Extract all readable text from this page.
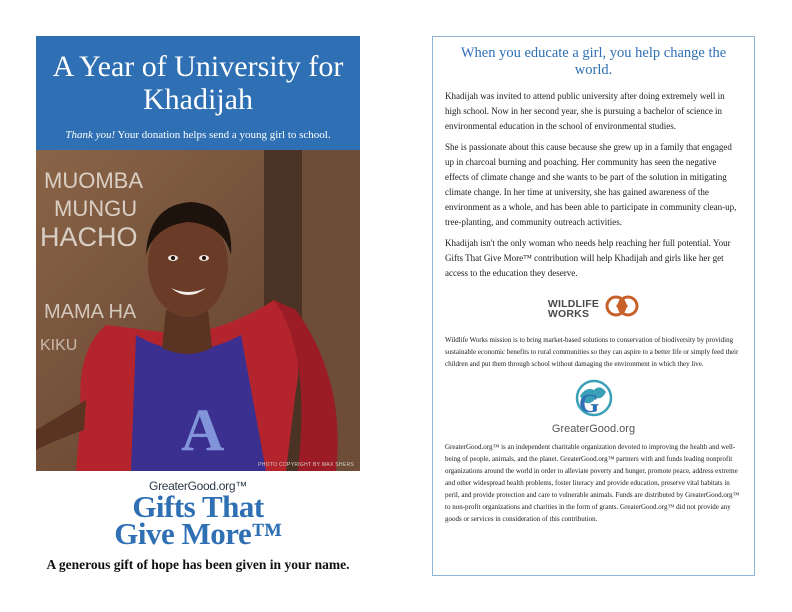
A Year of University for Khadijah
Thank you! Your donation helps send a young girl to school.
MUOMBA
MUNGU
HACHO
MAMA HA
KIKU
A
PHOTO COPYRIGHT BY MAX SHERS
GreaterGood.org™
Gifts That
Give More™
A generous gift of hope has been given in your name.
When you educate a girl, you help change the world.

Khadijah was invited to attend public university after doing extremely well in high school. Now in her second year, she is pursuing a bachelor of science in environmental education in the school of environmental studies.

She is passionate about this cause because she grew up in a family that engaged up in charcoal burning and poaching. Her community has seen the negative effects of climate change and she wants to be part of the solution in mitigating climate change. In her time at university, she has gained awareness of the environment as a whole, and has been able to participate in community clean-up, tree-planting, and community outreach activities.

Khadijah isn't the only woman who needs help reaching her full potential. Your Gifts That Give More™ contribution will help Khadijah and girls like her get access to the education they deserve.

WILDLIFE
WORKS

Wildlife Works mission is to bring market-based solutions to conservation of biodiversity by providing sustainable economic benefits to rural communities so they can aspire to a better life or simply feed their children and put them through school without damaging the environment in which they live.

G
GreaterGood.org

GreaterGood.org™ is an independent charitable organization devoted to improving the health and well-being of people, animals, and the planet. GreaterGood.org™ partners with and funds leading nonprofit organizations around the world in order to alleviate poverty and hunger, promote peace, address extreme and other widespread health problems, foster literacy and provide education, preserve vital habitats in peril, and provide protection and care to vulnerable animals. Funds are distributed by GreaterGood.org™ to non-profit organizations and charities in the form of grants. GreaterGood.org™ did not provide any goods or services in consideration of this contribution.
